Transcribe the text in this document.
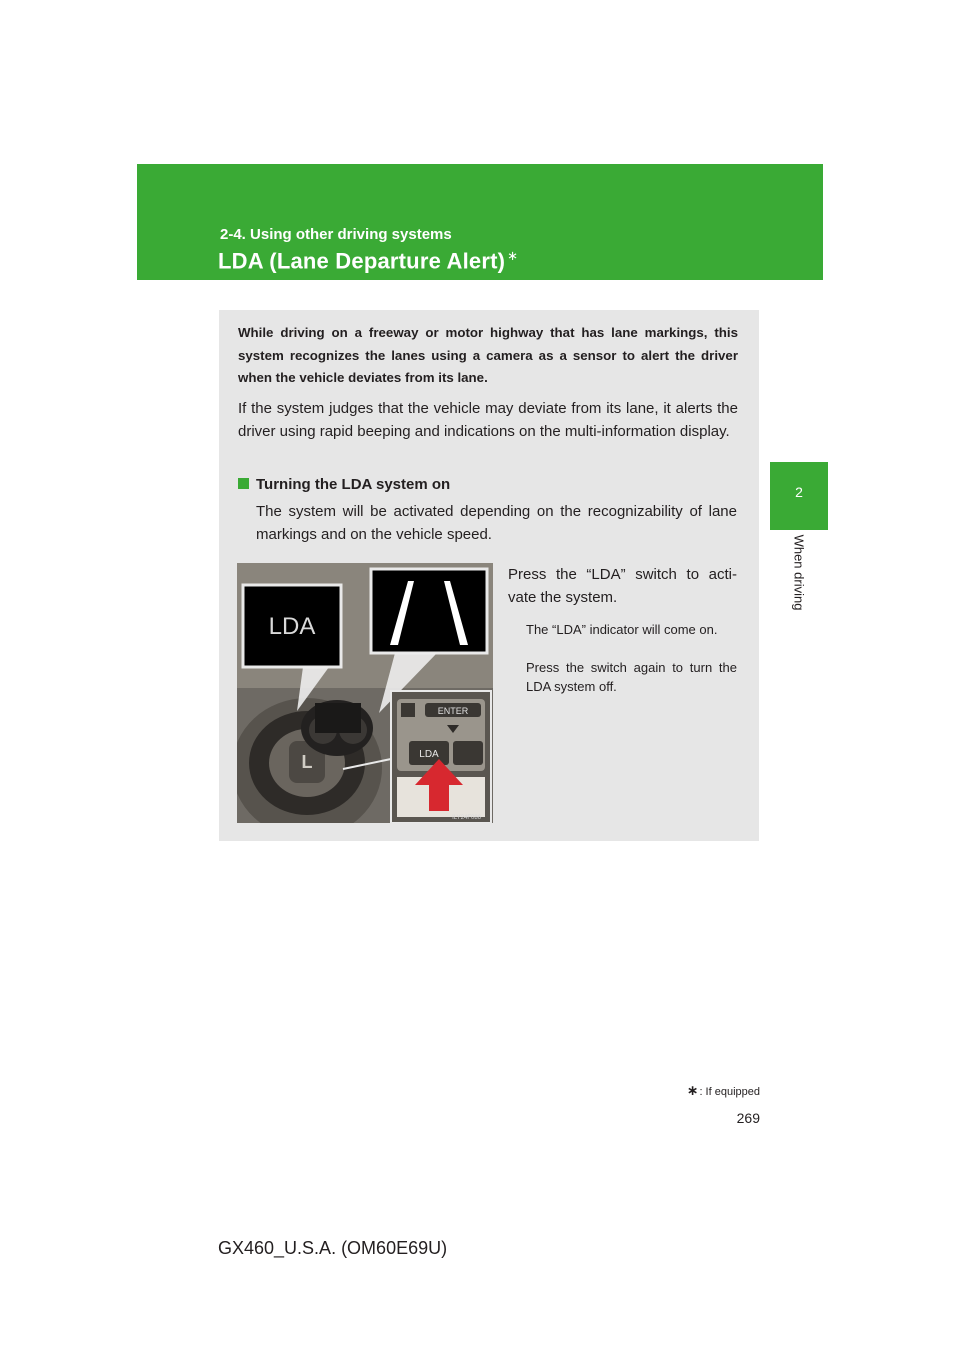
2-4. Using other driving systems
LDA (Lane Departure Alert) ∗
2
When driving

While driving on a freeway or motor highway that has lane markings, this system recognizes the lanes using a camera as a sensor to alert the driver when the vehicle deviates from its lane.

If the system judges that the vehicle may deviate from its lane, it alerts the driver using rapid beeping and indications on the multi-information display.

Turning the LDA system on

The system will be activated depending on the recognizability of lane markings and on the vehicle speed.

Press the “LDA” switch to acti-vate the system.

The “LDA” indicator will come on.

Press the switch again to turn the LDA system off.

L
LDA
ENTER
LDA
ILY24F086
∗: If equipped
269
GX460_U.S.A. (OM60E69U)
